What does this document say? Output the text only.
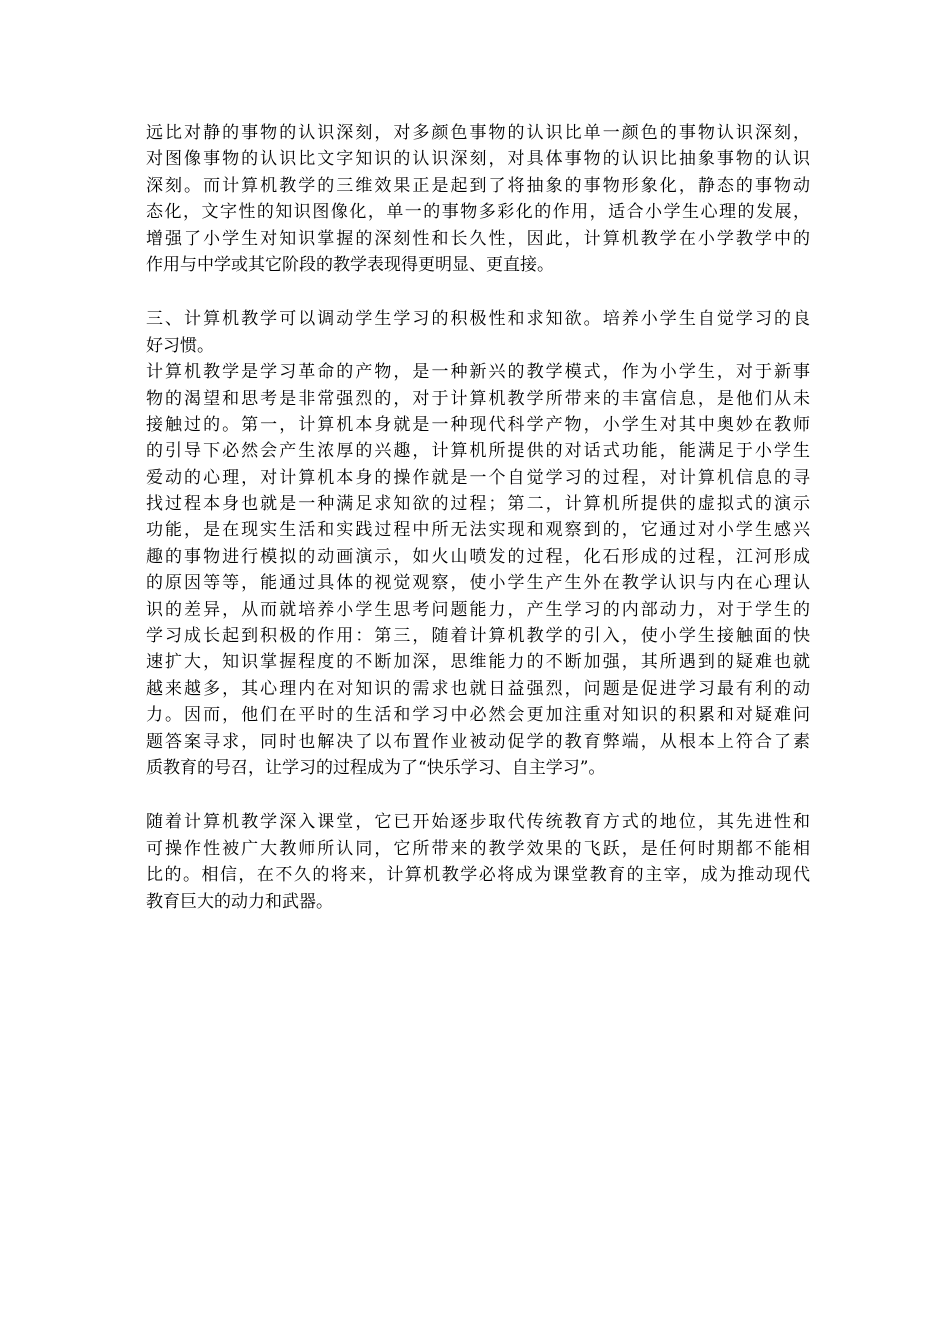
远比对静的事物的认识深刻，对多颜色事物的认识比单一颜色的事物认识深刻，
对图像事物的认识比文字知识的认识深刻，对具体事物的认识比抽象事物的认识
深刻。而计算机教学的三维效果正是起到了将抽象的事物形象化，静态的事物动
态化，文字性的知识图像化，单一的事物多彩化的作用，适合小学生心理的发展，
增强了小学生对知识掌握的深刻性和长久性，因此，计算机教学在小学教学中的
作用与中学或其它阶段的教学表现得更明显、更直接。
三、计算机教学可以调动学生学习的积极性和求知欲。培养小学生自觉学习的良
好习惯。
计算机教学是学习革命的产物，是一种新兴的教学模式，作为小学生，对于新事
物的渴望和思考是非常强烈的，对于计算机教学所带来的丰富信息，是他们从未
接触过的。第一，计算机本身就是一种现代科学产物，小学生对其中奥妙在教师
的引导下必然会产生浓厚的兴趣，计算机所提供的对话式功能，能满足于小学生
爱动的心理，对计算机本身的操作就是一个自觉学习的过程，对计算机信息的寻
找过程本身也就是一种满足求知欲的过程；第二，计算机所提供的虚拟式的演示
功能，是在现实生活和实践过程中所无法实现和观察到的，它通过对小学生感兴
趣的事物进行模拟的动画演示，如火山喷发的过程，化石形成的过程，江河形成
的原因等等，能通过具体的视觉观察，使小学生产生外在教学认识与内在心理认
识的差异，从而就培养小学生思考问题能力，产生学习的内部动力，对于学生的
学习成长起到积极的作用：第三，随着计算机教学的引入，使小学生接触面的快
速扩大，知识掌握程度的不断加深，思维能力的不断加强，其所遇到的疑难也就
越来越多，其心理内在对知识的需求也就日益强烈，问题是促进学习最有利的动
力。因而，他们在平时的生活和学习中必然会更加注重对知识的积累和对疑难问
题答案寻求，同时也解决了以布置作业被动促学的教育弊端，从根本上符合了素
质教育的号召，让学习的过程成为了“快乐学习、自主学习”。
随着计算机教学深入课堂，它已开始逐步取代传统教育方式的地位，其先进性和
可操作性被广大教师所认同，它所带来的教学效果的飞跃，是任何时期都不能相
比的。相信，在不久的将来，计算机教学必将成为课堂教育的主宰，成为推动现代
教育巨大的动力和武器。
